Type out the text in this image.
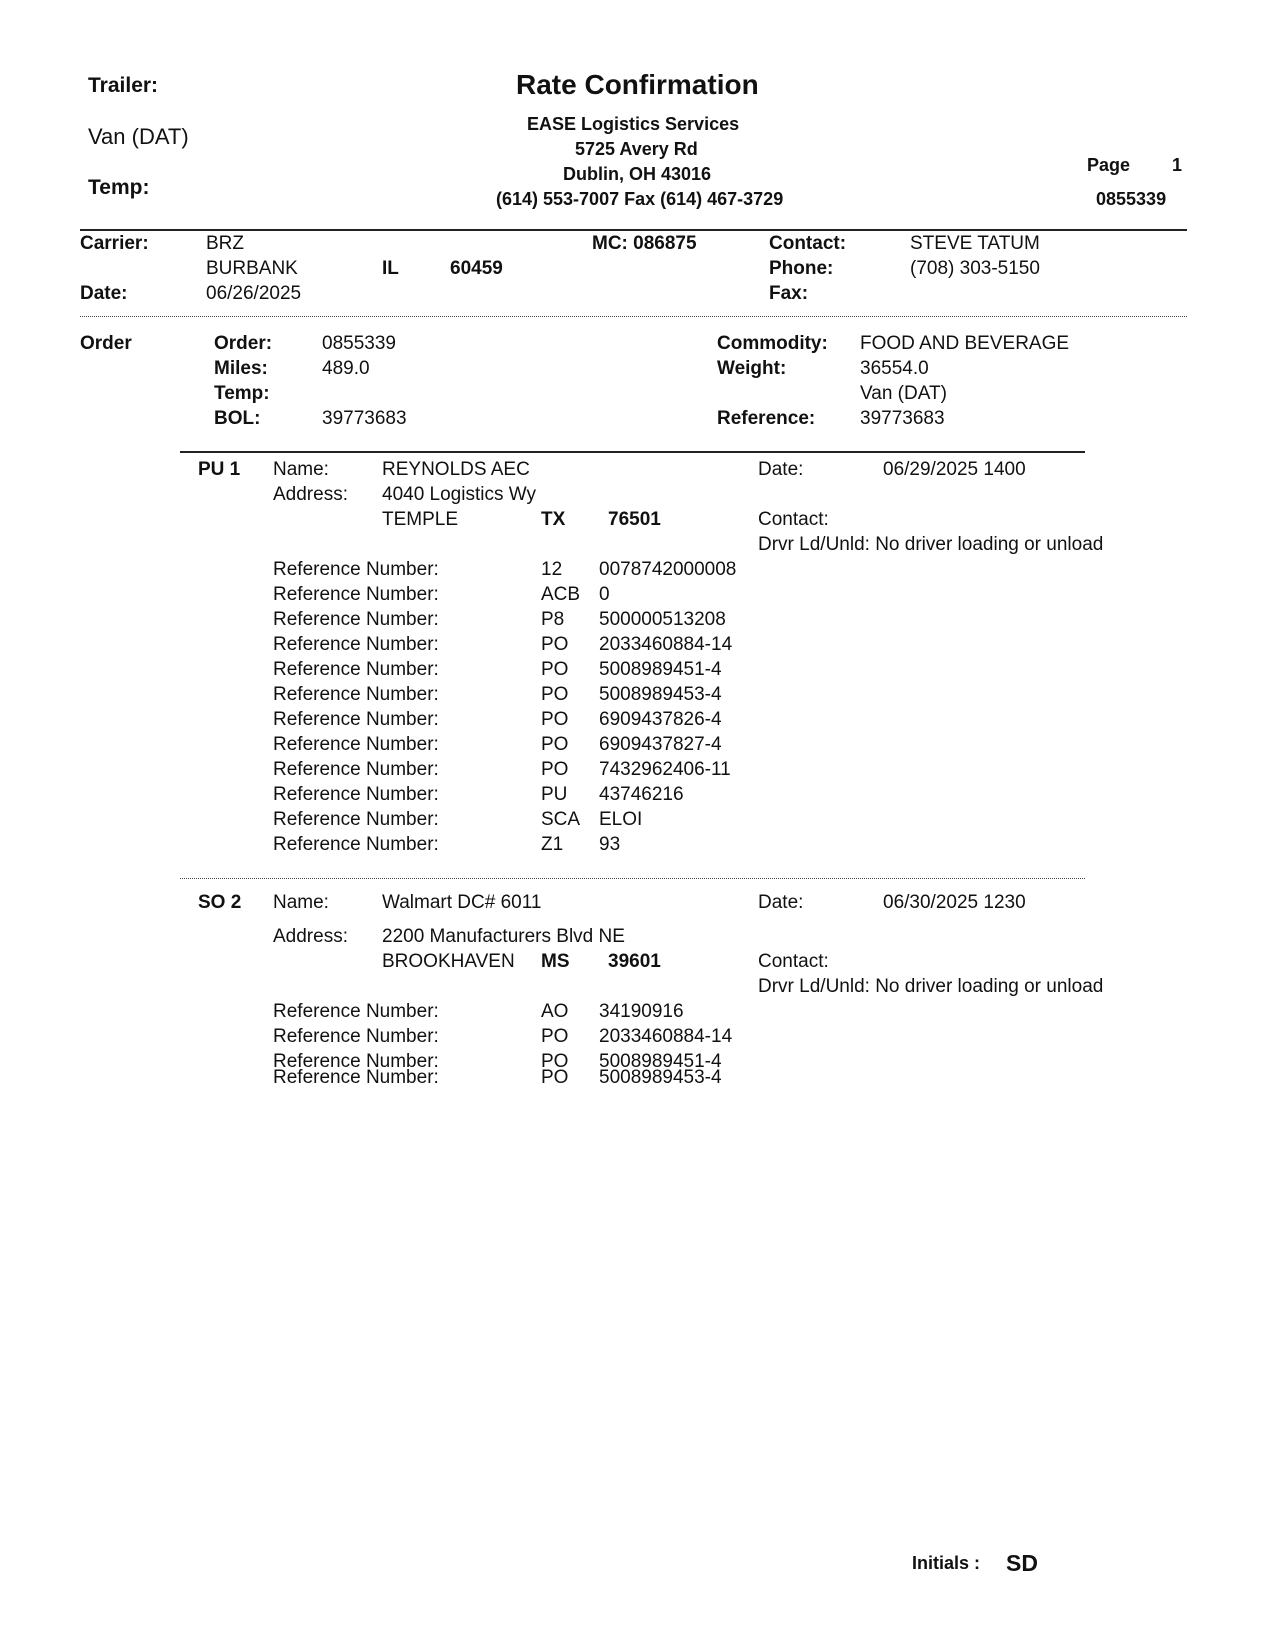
Trailer:
Van (DAT)
Temp:
Rate Confirmation
EASE Logistics Services
5725 Avery Rd
Dublin, OH 43016
(614) 553-7007 Fax (614) 467-3729
Page 1
0855339
Carrier:	BRZ	MC: 086875	Contact:	STEVE TATUM
BURBANK	IL	60459	Phone:	(708) 303-5150
Date:	06/26/2025	Fax:
Order	Order:	0855339	Commodity: FOOD AND BEVERAGE
Miles:	489.0	Weight:	36554.0
Temp:	Van (DAT)
BOL:	39773683	Reference: 39773683
PU 1 Name:	REYNOLDS AEC	Date:	06/29/2025 1400
Address: 4040 Logistics Wy
TEMPLE	TX 76501	Contact:
Drvr Ld/Unld: No driver loading or unload
Reference Number:	12 0078742000008
Reference Number:	ACB 0
Reference Number:	P8 500000513208
Reference Number:	PO 2033460884-14
Reference Number:	PO 5008989451-4
Reference Number:	PO 5008989453-4
Reference Number:	PO 6909437826-4
Reference Number:	PO 6909437827-4
Reference Number:	PO 7432962406-11
Reference Number:	PU 43746216
Reference Number:	SCA ELOI
Reference Number:	Z1 93
SO 2 Name:	Walmart DC# 6011	Date:	06/30/2025 1230
Address: 2200 Manufacturers Blvd NE
BROOKHAVEN MS 39601	Contact:
Drvr Ld/Unld: No driver loading or unload
Reference Number:	AO 34190916
Reference Number:	PO 2033460884-14
Reference Number:	PO 5008989451-4
Reference Number:	PO 5008989453-4
Initials : SD
